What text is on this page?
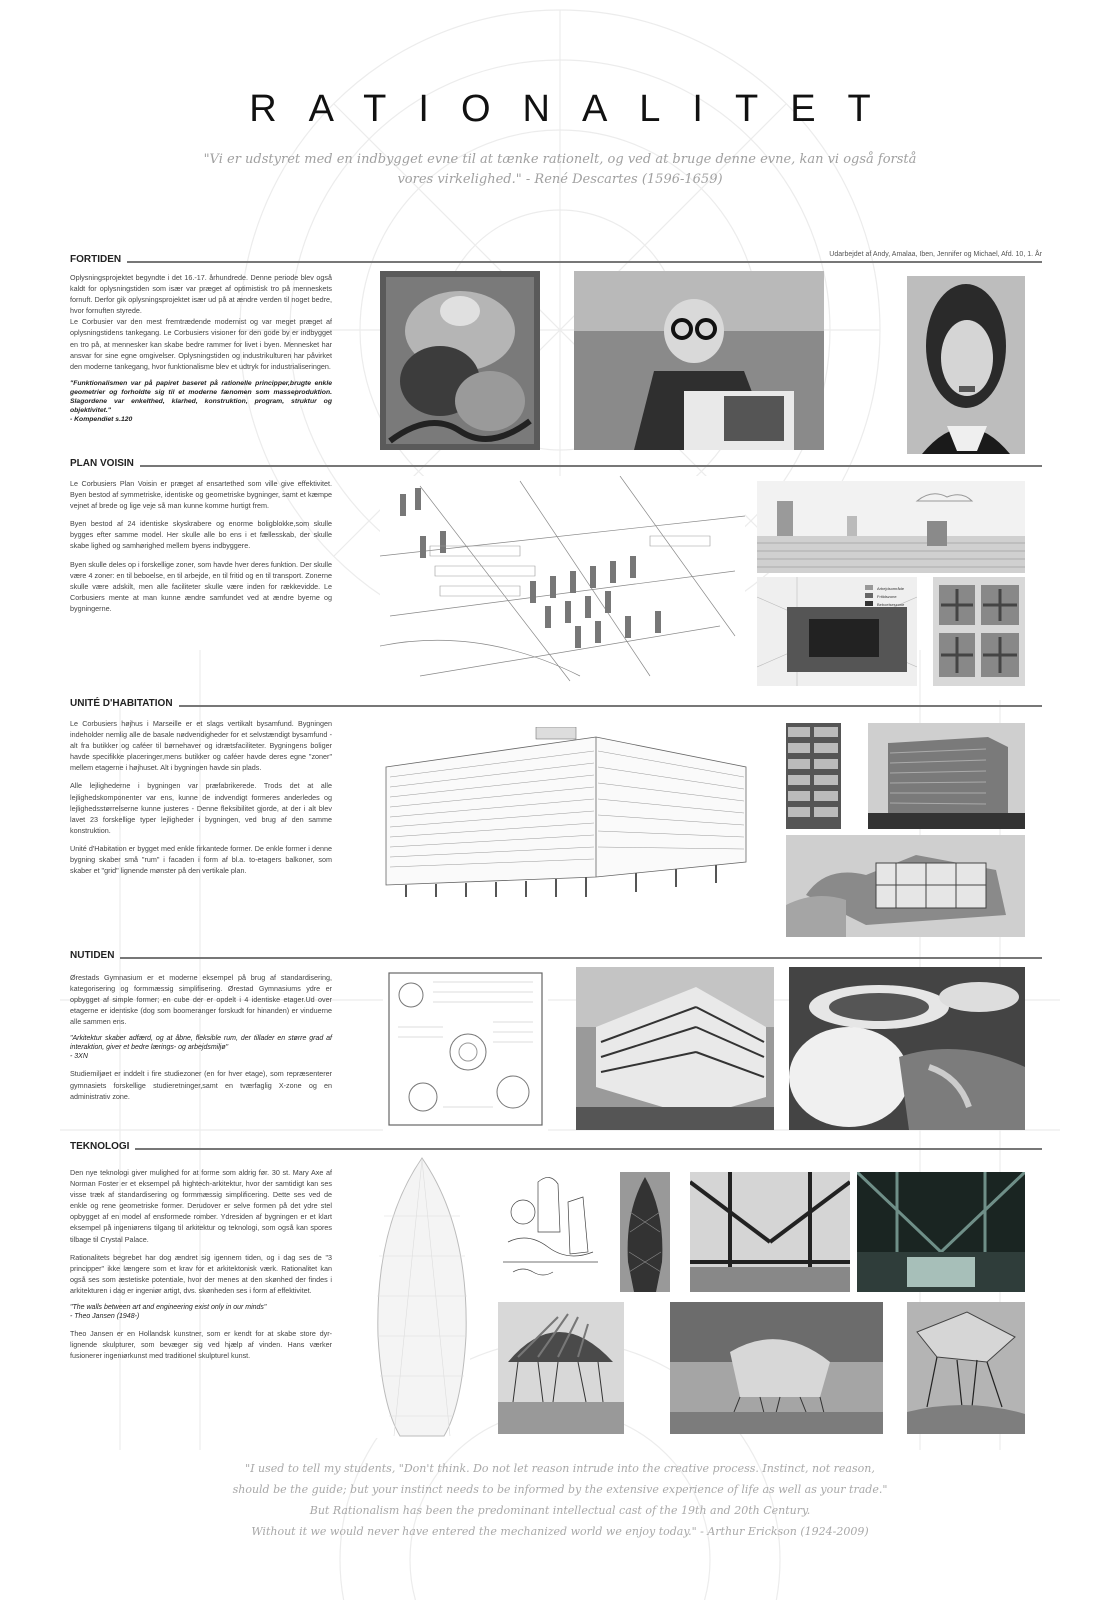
RATIONALITET
"Vi er udstyret med en indbygget evne til at tænke rationelt, og ved at bruge denne evne, kan vi også forstå vores virkelighed." - René Descartes (1596-1659)
Udarbejdet af Andy, Amalaa, Iben, Jennifer og Michael, Afd. 10, 1. År
FORTIDEN

Oplysningsprojektet begyndte i det 16.-17. århundrede. Denne periode blev også kaldt for oplysningstiden som især var præget af optimistisk tro på menneskets fornuft. Derfor gik oplysningsprojektet især ud på at ændre verden til noget bedre, hvor fornuften styrede.

Le Corbusier var den mest fremtrædende modernist og var meget præget af oplysningstidens tankegang. Le Corbusiers visioner for den gode by er indbygget en tro på, at mennesker kan skabe bedre rammer for livet i byen. Mennesket har ansvar for sine egne omgivelser. Oplysningstiden og industrikulturen har påvirket den moderne tankegang, hvor funktionalisme blev et udtryk for industrialiseringen.

"Funktionalismen var på papiret baseret på rationelle principper,brugte enkle geometrier og forholdte sig til et moderne fænomen som masseproduktion. Slagordene var enkelthed, klarhed, konstruktion, program, struktur og objektivitet."
- Kompendiet s.120
PLAN VOISIN

Le Corbusiers Plan Voisin er præget af ensartethed som ville give effektivitet. Byen bestod af symmetriske, identiske og geometriske bygninger, samt et kæmpe vejnet af brede og lige veje så man kunne komme hurtigt frem.

Byen bestod af 24 identiske skyskrabere og enorme boligblokke,som skulle bygges efter samme model. Her skulle alle bo ens i et fællesskab, der skulle skabe lighed og samhørighed mellem byens indbyggere.

Byen skulle deles op i forskellige zoner, som havde hver deres funktion. Der skulle være 4 zoner: en til beboelse, en til arbejde, en til fritid og en til transport. Zonerne skulle være adskilt, men alle faciliteter skulle være inden for rækkevidde. Le Corbusiers mente at man kunne ændre samfundet ved at ændre byerne og bygningerne.

Arbejdsområde
Fritidszone
Beboelseszone
UNITÉ D'HABITATION

Le Corbusiers højhus i Marseille er et slags vertikalt bysamfund. Bygningen indeholder nemlig alle de basale nødvendigheder for et selvstændigt bysamfund - alt fra butikker og caféer til børnehaver og idrætsfaciliteter. Bygningens boliger havde specifikke placeringer,mens butikker og caféer havde deres egne "zoner" mellem etagerne i højhuset. Alt i bygningen havde sin plads.

Alle lejlighederne i bygningen var præfabrikerede. Trods det at alle lejlighedskomponenter var ens, kunne de indvendigt formeres anderledes og lejlighedsstørrelserne kunne justeres - Denne fleksibilitet gjorde, at der i alt blev lavet 23 forskellige typer lejligheder i bygningen, ved brug af den samme konstruktion.

Unité d'Habitation er bygget med enkle firkantede former. De enkle former i denne bygning skaber små "rum" i facaden i form af bl.a. to-etagers balkoner, som skaber et "grid" lignende mønster på den vertikale plan.

NUTIDEN

Ørestads Gymnasium er et moderne eksempel på brug af standardisering, kategorisering og formmæssig simplifisering. Ørestad Gymnasiums ydre er opbygget af simple former; en cube der er opdelt i 4 identiske etager.Ud over etagerne er identiske (dog som boomeranger forskudt for hinanden) er vinduerne alle sammen ens.

"Arkitektur skaber adfærd, og at åbne, fleksible rum, der tillader en større grad af interaktion, giver et bedre lærings- og arbejdsmiljø"
- 3XN

Studiemiljøet er inddelt i fire studiezoner (en for hver etage), som repræsenterer gymnasiets forskellige studieretninger,samt en tværfaglig X-zone og en administrativ zone.

TEKNOLOGI

Den nye teknologi giver mulighed for at forme som aldrig før. 30 st. Mary Axe af Norman Foster er et eksempel på hightech-arkitektur, hvor der samtidigt kan ses visse træk af standardisering og formmæssig simplificering. Dette ses ved de enkle og rene geometriske former. Derudover er selve formen på det ydre stel opbygget af en model af ensformede romber. Ydresiden af bygningen er et klart eksempel på ingeniørens tilgang til arkitektur og teknologi, som også kan spores tilbage til Crystal Palace.

Rationalitets begrebet har dog ændret sig igennem tiden, og i dag ses de "3 principper" ikke længere som et krav for et arkitektonisk værk. Rationalitet kan også ses som æstetiske potentiale, hvor der menes at den skønhed der findes i arkitekturen i dag er ingeniør artigt, dvs. skønheden ses i form af effektivitet.

"The walls between art and engineering exist only in our minds"
- Theo Jansen (1948-)

Theo Jansen er en Hollandsk kunstner, som er kendt for at skabe store dyr-lignende skulpturer, som bevæger sig ved hjælp af vinden. Hans værker fusionerer ingeniørkunst med traditionel skulpturel kunst.

"I used to tell my students, "Don't think. Do not let reason intrude into the creative process. Instinct, not reason,
should be the guide; but your instinct needs to be informed by the extensive experience of life as well as your trade."
But Rationalism has been the predominant intellectual cast of the 19th and 20th Century.
Without it we would never have entered the mechanized world we enjoy today." - Arthur Erickson (1924-2009)
